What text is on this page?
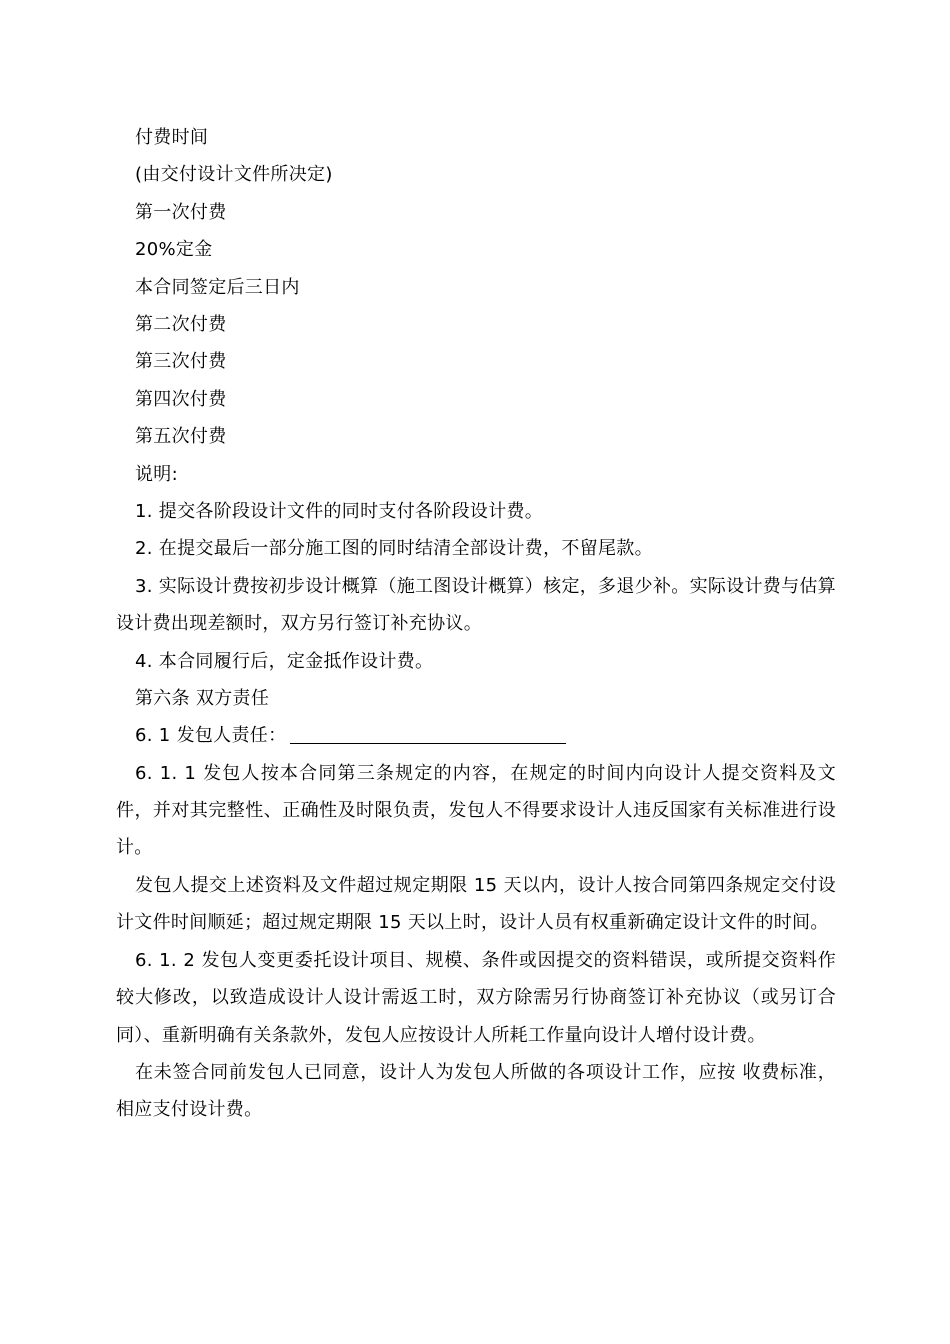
付费时间
(由交付设计文件所决定)
第一次付费
20%定金
本合同签定后三日内
第二次付费
第三次付费
第四次付费
第五次付费
说明:
1. 提交各阶段设计文件的同时支付各阶段设计费。
2. 在提交最后一部分施工图的同时结清全部设计费，不留尾款。
3. 实际设计费按初步设计概算（施工图设计概算）核定，多退少补。实际设计费与估算设计费出现差额时，双方另行签订补充协议。
4. 本合同履行后，定金抵作设计费。
第六条 双方责任
6. 1 发包人责任：
6. 1. 1 发包人按本合同第三条规定的内容，在规定的时间内向设计人提交资料及文件，并对其完整性、正确性及时限负责，发包人不得要求设计人违反国家有关标准进行设计。
发包人提交上述资料及文件超过规定期限 15 天以内，设计人按合同第四条规定交付设计文件时间顺延；超过规定期限 15 天以上时，设计人员有权重新确定设计文件的时间。
6. 1. 2 发包人变更委托设计项目、规模、条件或因提交的资料错误，或所提交资料作较大修改，以致造成设计人设计需返工时，双方除需另行协商签订补充协议（或另订合同）、重新明确有关条款外，发包人应按设计人所耗工作量向设计人增付设计费。
在未签合同前发包人已同意，设计人为发包人所做的各项设计工作，应按 收费标准，相应支付设计费。
